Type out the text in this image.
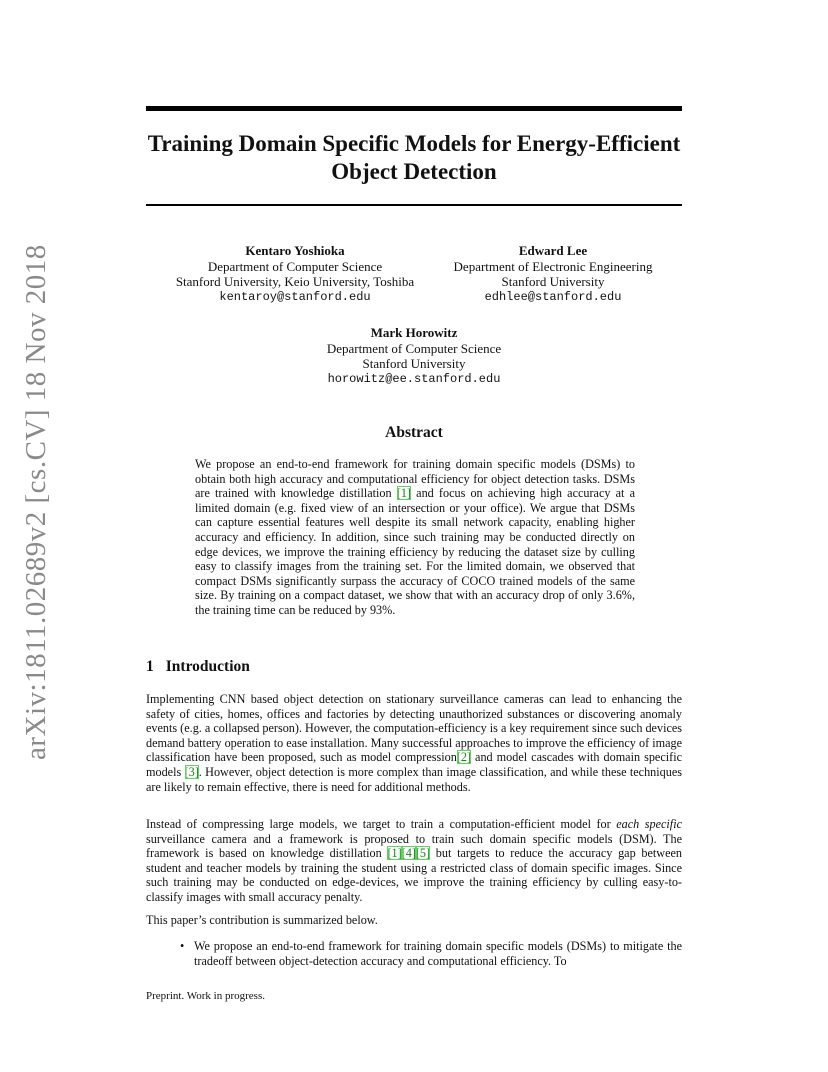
arXiv:1811.02689v2 [cs.CV] 18 Nov 2018
Training Domain Specific Models for Energy-Efficient
Object Detection
Kentaro Yoshioka
Department of Computer Science
Stanford University, Keio University, Toshiba
kentaroy@stanford.edu
Edward Lee
Department of Electronic Engineering
Stanford University
edhlee@stanford.edu
Mark Horowitz
Department of Computer Science
Stanford University
horowitz@ee.stanford.edu
Abstract
We propose an end-to-end framework for training domain specific models (DSMs) to obtain both high accuracy and computational efficiency for object detection tasks. DSMs are trained with knowledge distillation [1] and focus on achieving high accuracy at a limited domain (e.g. fixed view of an intersection or your office). We argue that DSMs can capture essential features well despite its small network capacity, enabling higher accuracy and efficiency. In addition, since such training may be conducted directly on edge devices, we improve the training efficiency by reducing the dataset size by culling easy to classify images from the training set. For the limited domain, we observed that compact DSMs significantly surpass the accuracy of COCO trained models of the same size. By training on a compact dataset, we show that with an accuracy drop of only 3.6%, the training time can be reduced by 93%.
1 Introduction
Implementing CNN based object detection on stationary surveillance cameras can lead to enhancing the safety of cities, homes, offices and factories by detecting unauthorized substances or discovering anomaly events (e.g. a collapsed person). However, the computation-efficiency is a key requirement since such devices demand battery operation to ease installation. Many successful approaches to improve the efficiency of image classification have been proposed, such as model compression[2] and model cascades with domain specific models [3]. However, object detection is more complex than image classification, and while these techniques are likely to remain effective, there is need for additional methods.
Instead of compressing large models, we target to train a computation-efficient model for each specific surveillance camera and a framework is proposed to train such domain specific models (DSM). The framework is based on knowledge distillation [1][4][5] but targets to reduce the accuracy gap between student and teacher models by training the student using a restricted class of domain specific images. Since such training may be conducted on edge-devices, we improve the training efficiency by culling easy-to-classify images with small accuracy penalty.
This paper’s contribution is summarized below.
• We propose an end-to-end framework for training domain specific models (DSMs) to mitigate the tradeoff between object-detection accuracy and computational efficiency. To
Preprint. Work in progress.
